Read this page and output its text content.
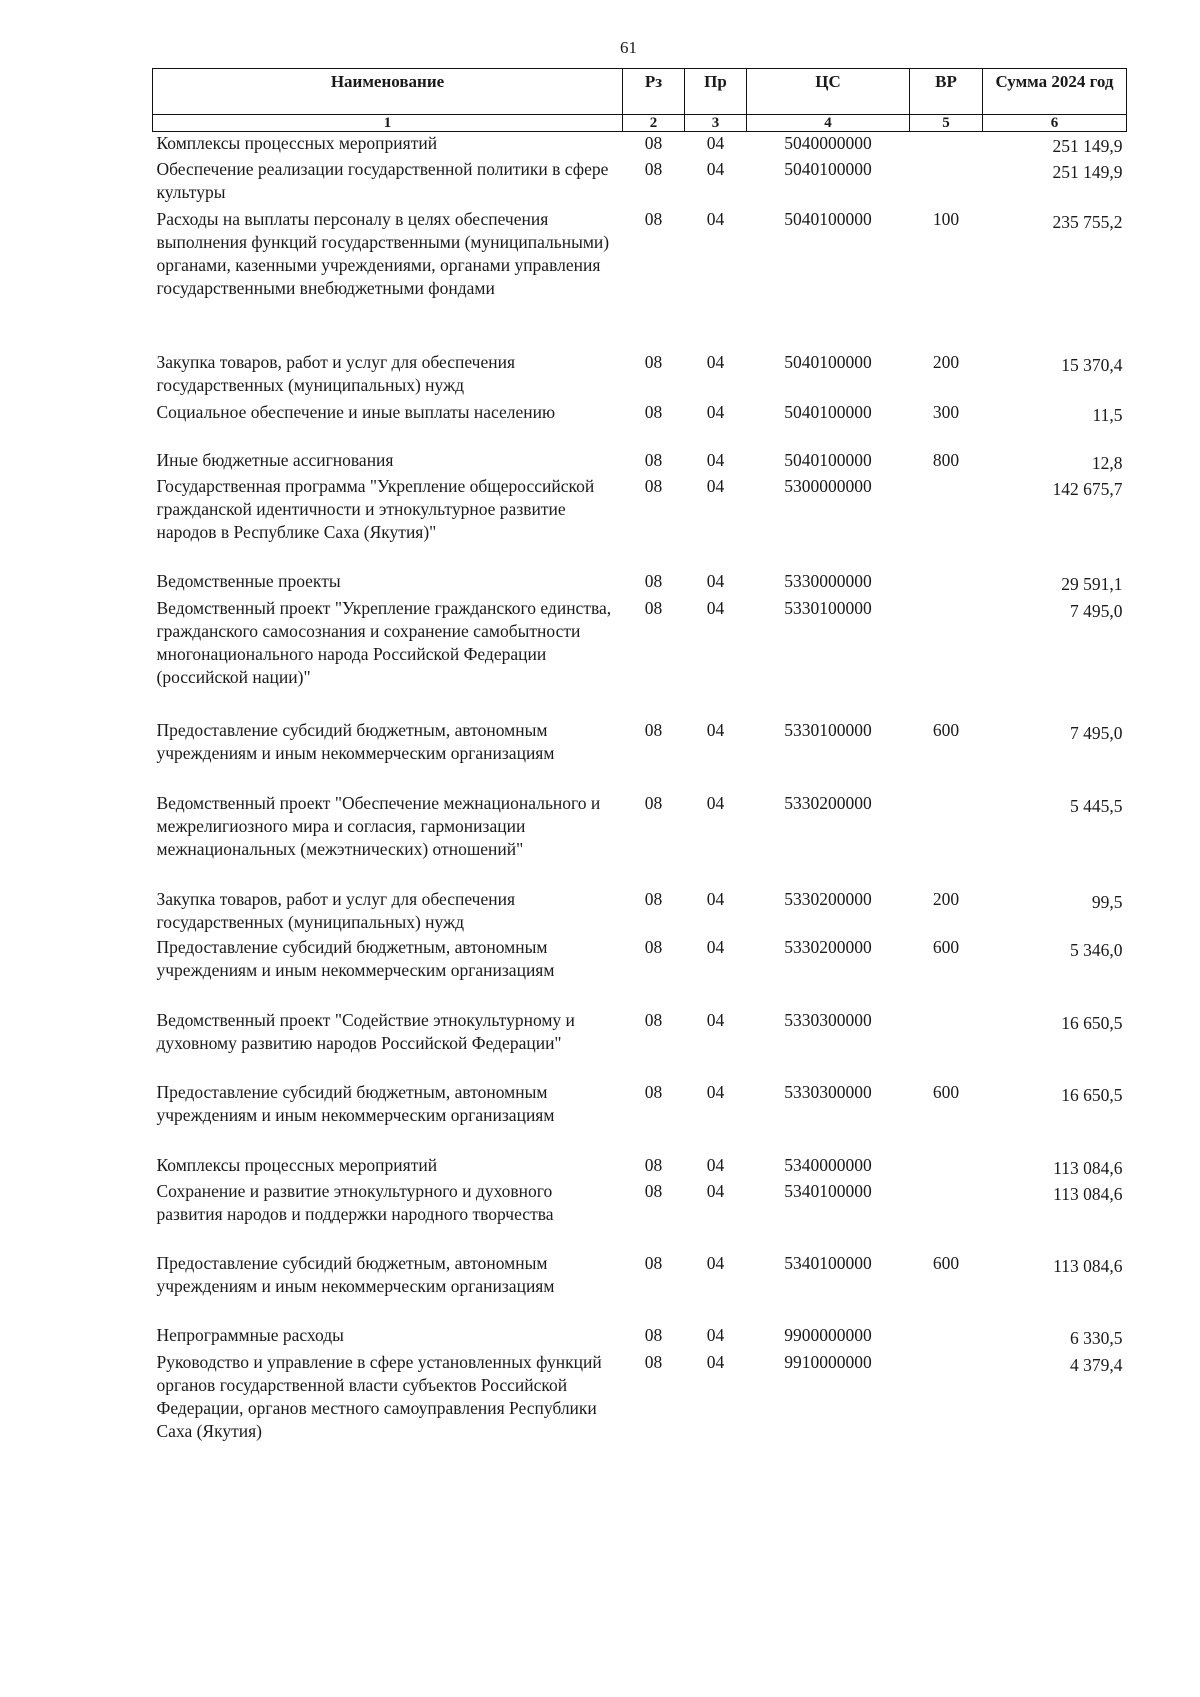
61
Наименование	Рз	Пр	ЦС	ВР	Сумма 2024 год
1	2	3	4	5	6
Комплексы процессных мероприятий	08	04	5040000000		251 149,9
Обеспечение реализации государственной политики в сфере культуры	08	04	5040100000		251 149,9
Расходы на выплаты персоналу в целях обеспечения выполнения функций государственными (муниципальными) органами, казенными учреждениями, органами управления государственными внебюджетными фондами	08	04	5040100000	100	235 755,2
Закупка товаров, работ и услуг для обеспечения государственных (муниципальных) нужд	08	04	5040100000	200	15 370,4
Социальное обеспечение и иные выплаты населению	08	04	5040100000	300	11,5
Иные бюджетные ассигнования	08	04	5040100000	800	12,8
Государственная программа "Укрепление общероссийской гражданской идентичности и этнокультурное развитие народов в Республике Саха (Якутия)"	08	04	5300000000		142 675,7
Ведомственные проекты	08	04	5330000000		29 591,1
Ведомственный проект "Укрепление гражданского единства, гражданского самосознания и сохранение самобытности многонационального народа Российской Федерации (российской нации)"	08	04	5330100000		7 495,0
Предоставление субсидий бюджетным, автономным учреждениям и иным некоммерческим организациям	08	04	5330100000	600	7 495,0
Ведомственный проект "Обеспечение межнационального и межрелигиозного мира и согласия, гармонизации межнациональных (межэтнических) отношений"	08	04	5330200000		5 445,5
Закупка товаров, работ и услуг для обеспечения государственных (муниципальных) нужд	08	04	5330200000	200	99,5
Предоставление субсидий бюджетным, автономным учреждениям и иным некоммерческим организациям	08	04	5330200000	600	5 346,0
Ведомственный проект "Содействие этнокультурному и духовному развитию народов Российской Федерации"	08	04	5330300000		16 650,5
Предоставление субсидий бюджетным, автономным учреждениям и иным некоммерческим организациям	08	04	5330300000	600	16 650,5
Комплексы процессных мероприятий	08	04	5340000000		113 084,6
Сохранение и развитие этнокультурного и духовного развития народов и поддержки народного творчества	08	04	5340100000		113 084,6
Предоставление субсидий бюджетным, автономным учреждениям и иным некоммерческим организациям	08	04	5340100000	600	113 084,6
Непрограммные расходы	08	04	9900000000		6 330,5
Руководство и управление в сфере установленных функций органов государственной власти субъектов Российской Федерации, органов местного самоуправления Республики Саха (Якутия)	08	04	9910000000		4 379,4
